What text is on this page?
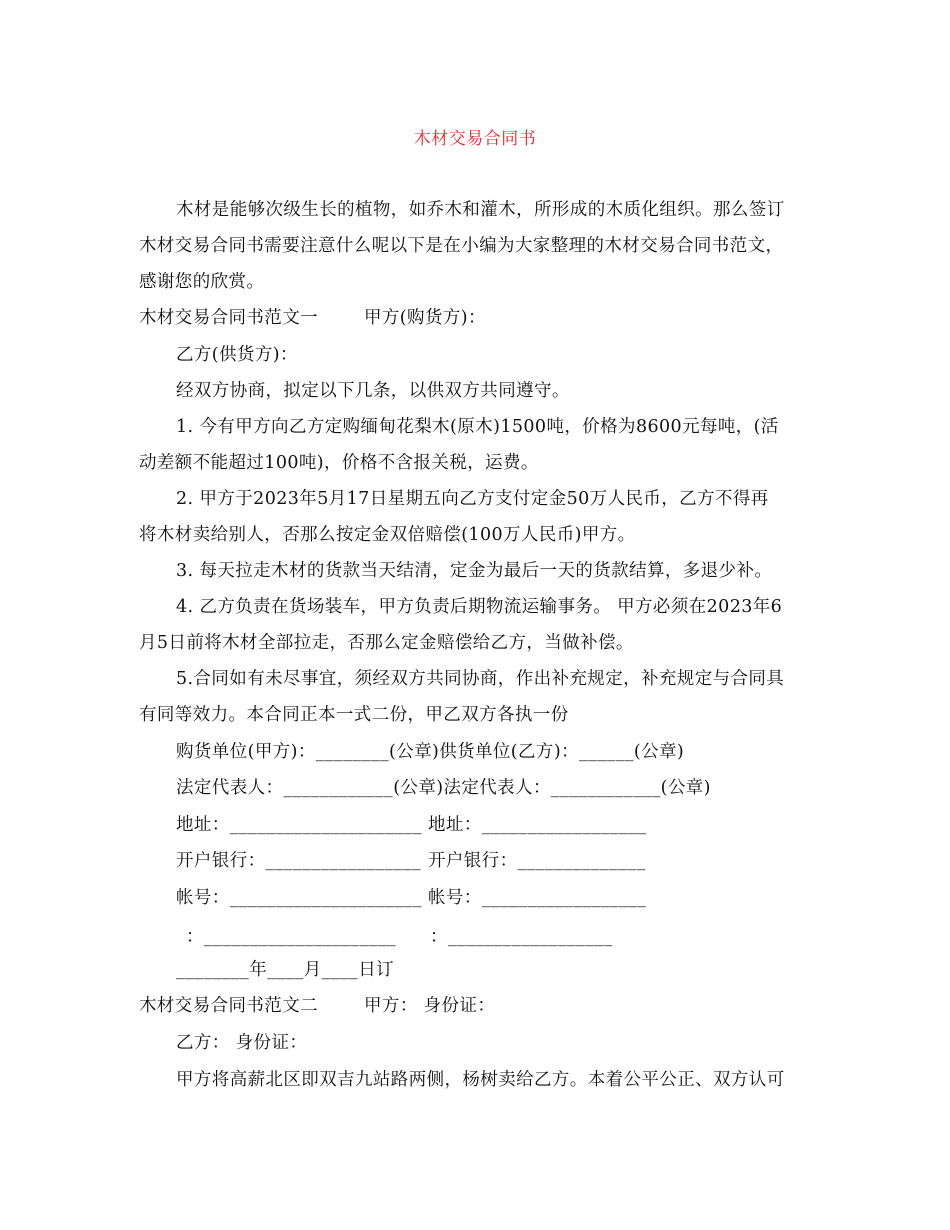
木材交易合同书
木材是能够次级生长的植物，如乔木和灌木，所形成的木质化组织。那么签订
木材交易合同书需要注意什么呢以下是在小编为大家整理的木材交易合同书范文，
感谢您的欣赏。
木材交易合同书范文一	甲方(购货方)：
乙方(供货方)：
经双方协商，拟定以下几条，以供双方共同遵守。
1. 今有甲方向乙方定购缅甸花梨木(原木)1500吨，价格为8600元每吨，(活
动差额不能超过100吨)，价格不含报关税，运费。
2. 甲方于2023年5月17日星期五向乙方支付定金50万人民币，乙方不得再
将木材卖给别人，否那么按定金双倍赔偿(100万人民币)甲方。
3. 每天拉走木材的货款当天结清，定金为最后一天的货款结算，多退少补。
4. 乙方负责在货场装车，甲方负责后期物流运输事务。 甲方必须在2023年6
月5日前将木材全部拉走，否那么定金赔偿给乙方，当做补偿。
5.合同如有未尽事宜，须经双方共同协商，作出补充规定，补充规定与合同具
有同等效力。本合同正本一式二份，甲乙双方各执一份
购货单位(甲方)：________(公章)供货单位(乙方)：______(公章)
法定代表人：____________(公章)法定代表人：____________(公章)
地址：_____________________ 地址：__________________
开户银行：_________________ 开户银行：______________
帐号：_____________________ 帐号：__________________
：_____________________ ：__________________
________年____月____日订
木材交易合同书范文二	甲方： 身份证：
乙方： 身份证：
甲方将高薪北区即双吉九站路两侧，杨树卖给乙方。本着公平公正、双方认可
